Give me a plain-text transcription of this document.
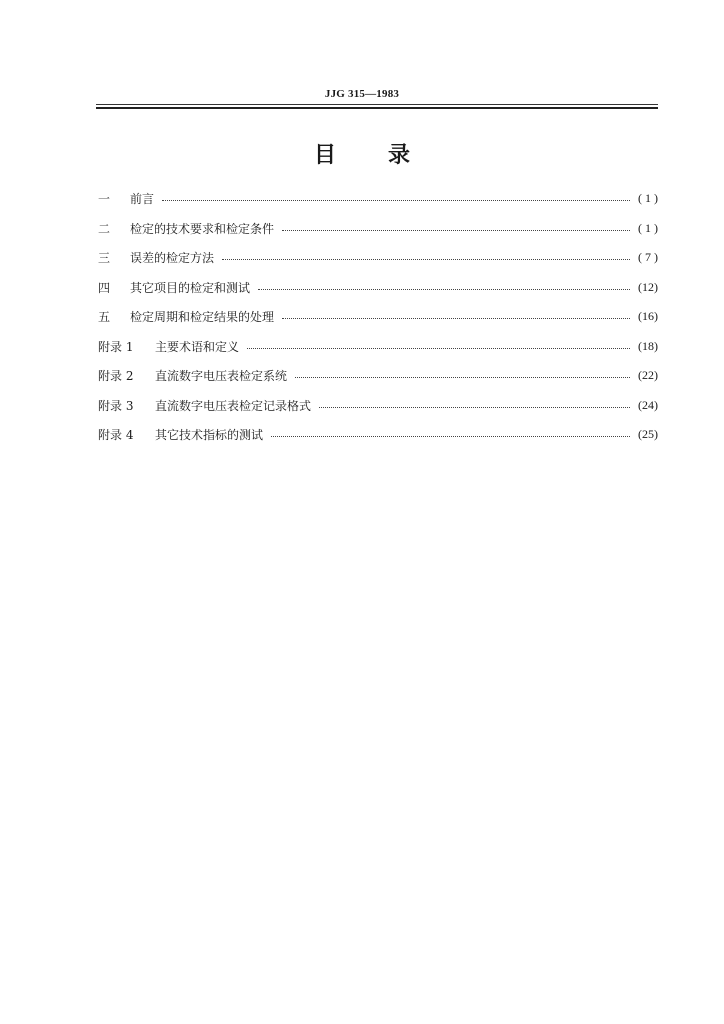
JJG 315—1983
目 录
一	前言	( 1 )
二	检定的技术要求和检定条件	( 1 )
三	误差的检定方法	( 7 )
四	其它项目的检定和测试	(12)
五	检定周期和检定结果的处理	(16)
附录 1	主要术语和定义	(18)
附录 2	直流数字电压表检定系统	(22)
附录 3	直流数字电压表检定记录格式	(24)
附录 4	其它技术指标的测试	(25)
